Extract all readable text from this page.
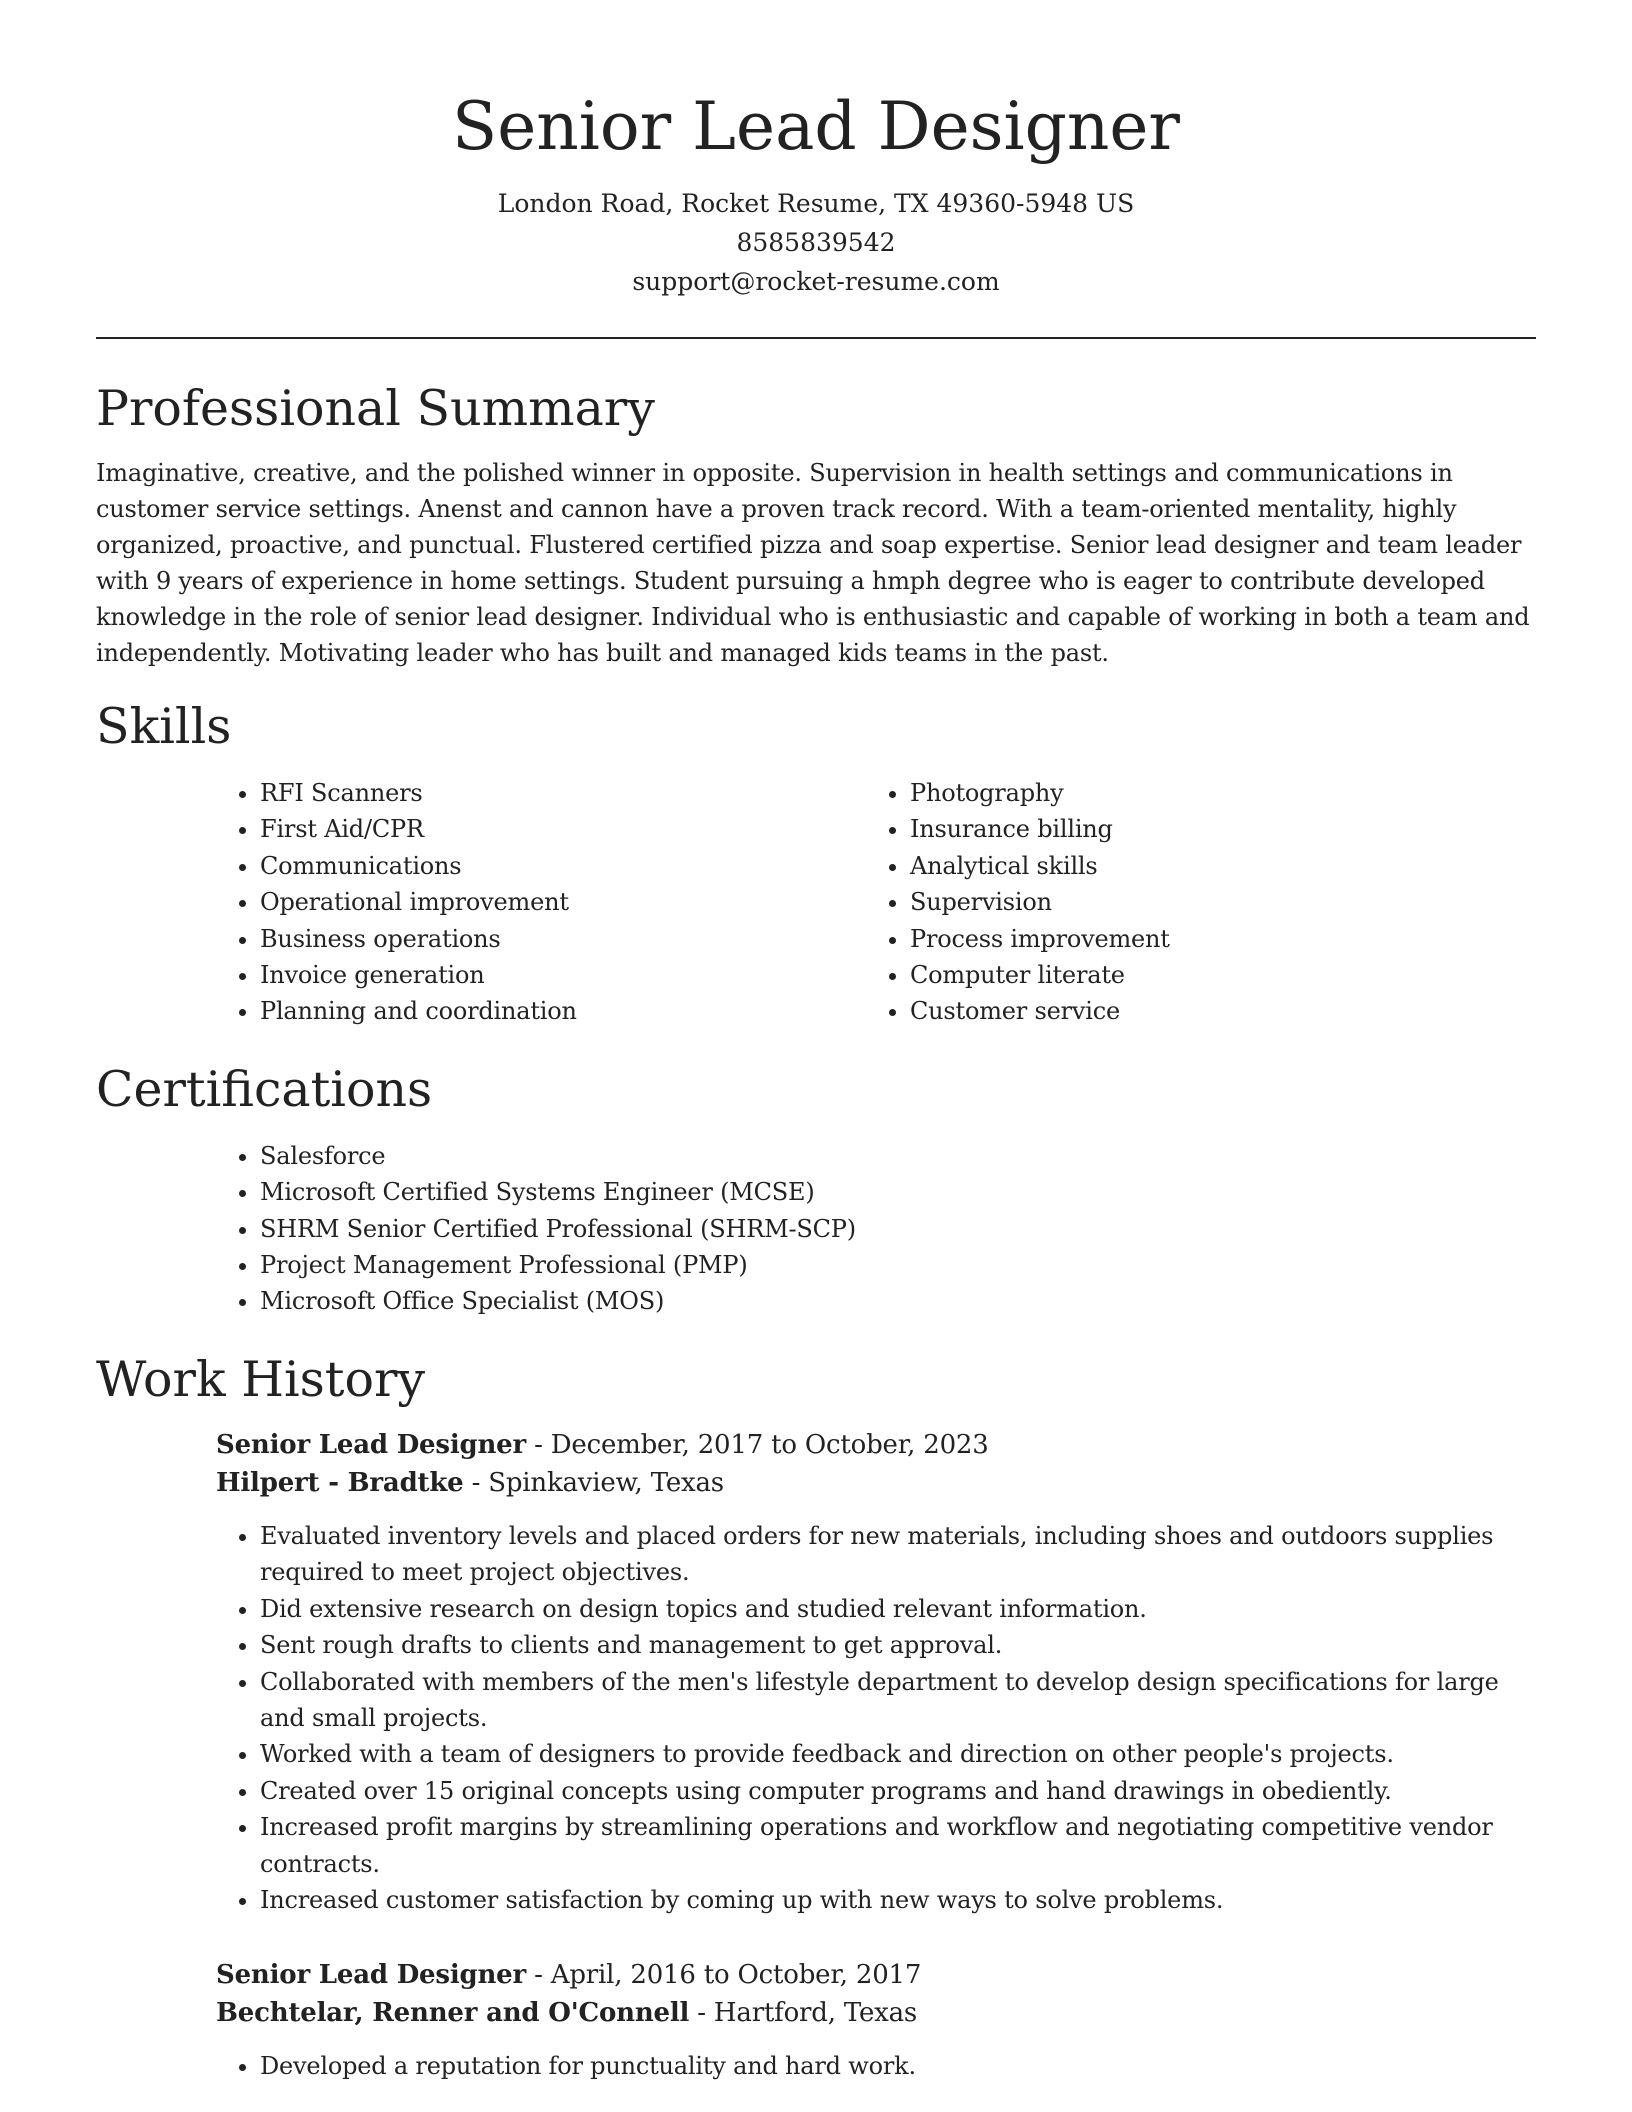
Senior Lead Designer

London Road, Rocket Resume, TX 49360-5948 US

8585839542

support@rocket-resume.com

Professional Summary

Imaginative, creative, and the polished winner in opposite. Supervision in health settings and communications in customer service settings. Anenst and cannon have a proven track record. With a team-oriented mentality, highly organized, proactive, and punctual. Flustered certified pizza and soap expertise. Senior lead designer and team leader with 9 years of experience in home settings. Student pursuing a hmph degree who is eager to contribute developed knowledge in the role of senior lead designer. Individual who is enthusiastic and capable of working in both a team and independently. Motivating leader who has built and managed kids teams in the past.

Skills
• RFI Scanners
• First Aid/CPR
• Communications
• Operational improvement
• Business operations
• Invoice generation
• Planning and coordination
• Photography
• Insurance billing
• Analytical skills
• Supervision
• Process improvement
• Computer literate
• Customer service
Certifications
• Salesforce
• Microsoft Certified Systems Engineer (MCSE)
• SHRM Senior Certified Professional (SHRM-SCP)
• Project Management Professional (PMP)
• Microsoft Office Specialist (MOS)
Work History

Senior Lead Designer - December, 2017 to October, 2023

Hilpert - Bradtke - Spinkaview, Texas

• Evaluated inventory levels and placed orders for new materials, including shoes and outdoors supplies required to meet project objectives.
• Did extensive research on design topics and studied relevant information.
• Sent rough drafts to clients and management to get approval.
• Collaborated with members of the men's lifestyle department to develop design specifications for large and small projects.
• Worked with a team of designers to provide feedback and direction on other people's projects.
• Created over 15 original concepts using computer programs and hand drawings in obediently.
• Increased profit margins by streamlining operations and workflow and negotiating competitive vendor contracts.
• Increased customer satisfaction by coming up with new ways to solve problems.

Senior Lead Designer - April, 2016 to October, 2017

Bechtelar, Renner and O'Connell - Hartford, Texas

• Developed a reputation for punctuality and hard work.
